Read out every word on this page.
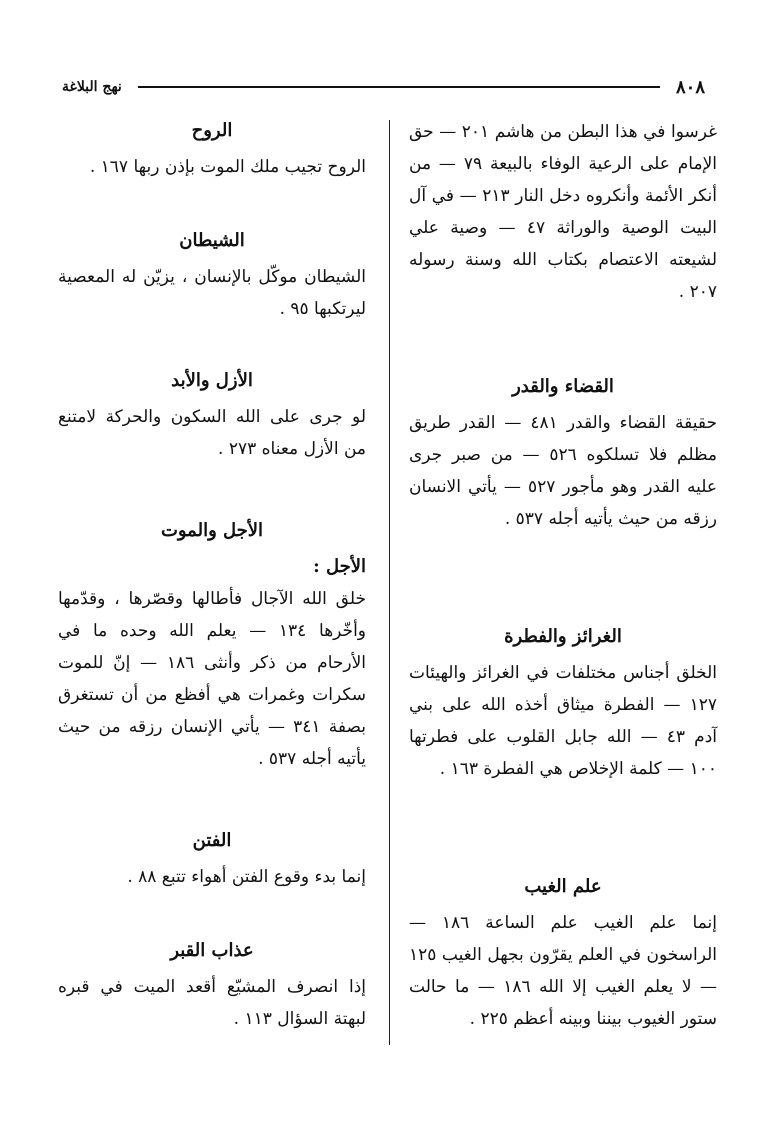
٨٠٨
نهج البلاغة

غرسوا في هذا البطن من هاشم ٢٠١ — حق الإمام على الرعية الوفاء بالبيعة ٧٩ — من أنكر الأئمة وأنكروه دخل النار ٢١٣ — في آل البيت الوصية والوراثة ٤٧ — وصية علي لشيعته الاعتصام بكتاب الله وسنة رسوله ٢٠٧ .

القضاء والقدر

حقيقة القضاء والقدر ٤٨١ — القدر طريق مظلم فلا تسلكوه ٥٢٦ — من صبر جرى عليه القدر وهو مأجور ٥٢٧ — يأتي الانسان رزقه من حيث يأتيه أجله ٥٣٧ .

الغرائز والفطرة

الخلق أجناس مختلفات في الغرائز والهيئات ١٢٧ — الفطرة ميثاق أخذه الله على بني آدم ٤٣ — الله جابل القلوب على فطرتها ١٠٠ — كلمة الإخلاص هي الفطرة ١٦٣ .

علم الغيب

إنما علم الغيب علم الساعة ١٨٦ — الراسخون في العلم يقرّون بجهل الغيب ١٢٥ — لا يعلم الغيب إلا الله ١٨٦ — ما حالت ستور الغيوب بيننا وبينه أعظم ٢٢٥ .

الروح

الروح تجيب ملك الموت بإذن ربها ١٦٧ .

الشيطان

الشيطان موكّل بالإنسان ، يزيّن له المعصية ليرتكبها ٩٥ .

الأزل والأبد

لو جرى على الله السكون والحركة لامتنع من الأزل معناه ٢٧٣ .

الأجل والموت

الأجل :

خلق الله الآجال فأطالها وقصّرها ، وقدّمها وأخّرها ١٣٤ — يعلم الله وحده ما في الأرحام من ذكر وأنثى ١٨٦ — إنّ للموت سكرات وغمرات هي أفظع من أن تستغرق بصفة ٣٤١ — يأتي الإنسان رزقه من حيث يأتيه أجله ٥٣٧ .

الفتن

إنما بدء وقوع الفتن أهواء تتبع ٨٨ .

عذاب القبر

إذا انصرف المشيّع أقعد الميت في قبره لبهتة السؤال ١١٣ .
